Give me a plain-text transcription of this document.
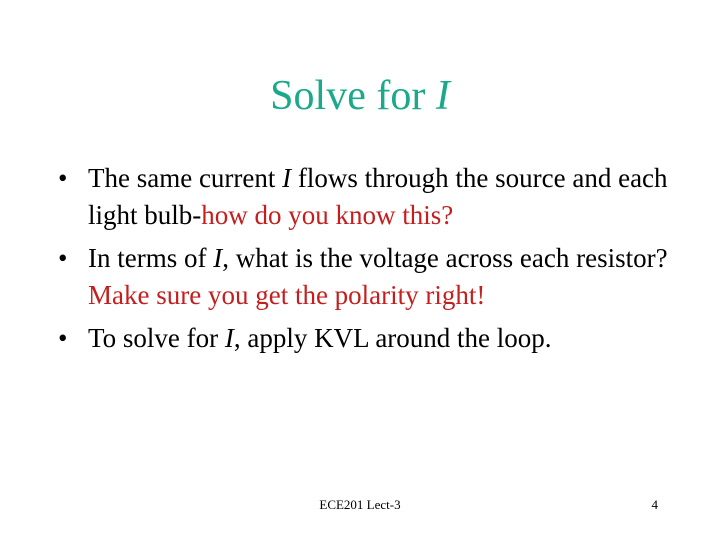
Solve for I
• The same current I flows through the source and each light bulb-how do you know this?
• In terms of I, what is the voltage across each resistor? Make sure you get the polarity right!
• To solve for I, apply KVL around the loop.
ECE201 Lect-3	4
